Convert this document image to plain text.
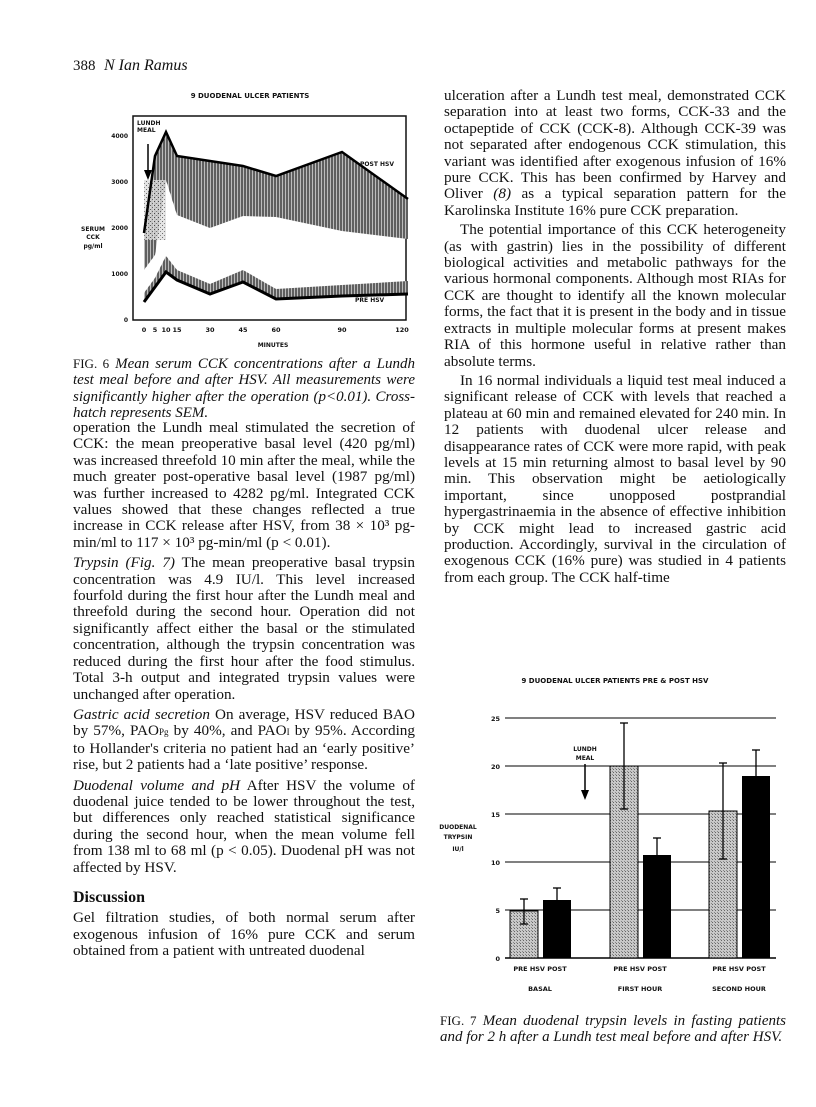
388 N Ian Ramus
9 DUODENAL ULCER PATIENTS
LUNDH
MEAL
POST HSV
PRE HSV
0
1000
2000
3000
4000
SERUM
CCK
pg/ml
0 5 10 15	30	45	60	90	120
MINUTES
FIG. 6 Mean serum CCK concentrations after a Lundh test meal before and after HSV. All measurements were significantly higher after the operation (p<0.01). Cross-hatch represents SEM.

operation the Lundh meal stimulated the secretion of CCK: the mean preoperative basal level (420 pg/ml) was increased threefold 10 min after the meal, while the much greater post-operative basal level (1987 pg/ml) was further increased to 4282 pg/ml. Integrated CCK values showed that these changes reflected a true increase in CCK release after HSV, from 38 × 10³ pg-min/ml to 117 × 10³ pg-min/ml (p < 0.01).

Trypsin (Fig. 7) The mean preoperative basal trypsin concentration was 4.9 IU/l. This level increased fourfold during the first hour after the Lundh meal and threefold during the second hour. Operation did not significantly affect either the basal or the stimulated concentration, although the trypsin concentration was reduced during the first hour after the food stimulus. Total 3-h output and integrated trypsin values were unchanged after operation.

Gastric acid secretion On average, HSV reduced BAO by 57%, PAOPg by 40%, and PAOI by 95%. According to Hollander's criteria no patient had an ‘early positive’ rise, but 2 patients had a ‘late positive’ response.

Duodenal volume and pH After HSV the volume of duodenal juice tended to be lower throughout the test, but differences only reached statistical significance during the second hour, when the mean volume fell from 138 ml to 68 ml (p < 0.05). Duodenal pH was not affected by HSV.

Discussion

Gel filtration studies, of both normal serum after exogenous infusion of 16% pure CCK and serum obtained from a patient with untreated duodenal

ulceration after a Lundh test meal, demonstrated CCK separation into at least two forms, CCK-33 and the octapeptide of CCK (CCK-8). Although CCK-39 was not separated after endogenous CCK stimulation, this variant was identified after exogenous infusion of 16% pure CCK. This has been confirmed by Harvey and Oliver (8) as a typical separation pattern for the Karolinska Institute 16% pure CCK preparation.

The potential importance of this CCK heterogeneity (as with gastrin) lies in the possibility of different biological activities and metabolic pathways for the various hormonal components. Although most RIAs for CCK are thought to identify all the known molecular forms, the fact that it is present in the body and in tissue extracts in multiple molecular forms at present makes RIA of this hormone useful in relative rather than absolute terms.

In 16 normal individuals a liquid test meal induced a significant release of CCK with levels that reached a plateau at 60 min and remained elevated for 240 min. In 12 patients with duodenal ulcer release and disappearance rates of CCK were more rapid, with peak levels at 15 min returning almost to basal level by 90 min. This observation might be aetiologically important, since unopposed postprandial hypergastrinaemia in the absence of effective inhibition by CCK might lead to increased gastric acid production. Accordingly, survival in the circulation of exogenous CCK (16% pure) was studied in 4 patients from each group. The CCK half-time

9 DUODENAL ULCER PATIENTS PRE & POST HSV
0
5
10
15
20
25
DUODENAL
TRYPSIN
IU/l
LUNDH
MEAL
PRE HSV POST	PRE HSV POST	PRE HSV POST
BASAL	FIRST HOUR	SECOND HOUR
FIG. 7 Mean duodenal trypsin levels in fasting patients and for 2 h after a Lundh test meal before and after HSV.
